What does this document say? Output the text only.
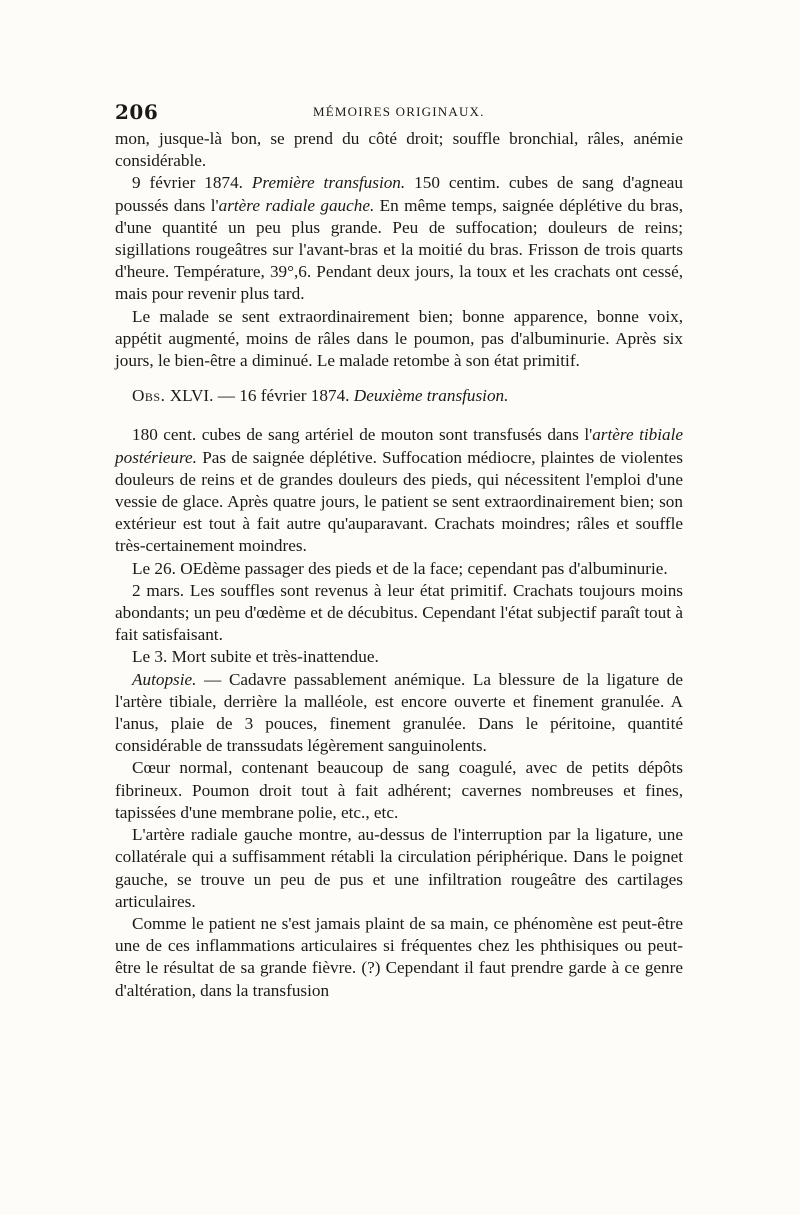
206	MÉMOIRES ORIGINAUX.

mon, jusque-là bon, se prend du côté droit; souffle bronchial, râles, anémie considérable.

9 février 1874. Première transfusion. 150 centim. cubes de sang d'agneau poussés dans l'artère radiale gauche. En même temps, saignée déplétive du bras, d'une quantité un peu plus grande. Peu de suffocation; douleurs de reins; sigillations rougeâtres sur l'avant-bras et la moitié du bras. Frisson de trois quarts d'heure. Température, 39°,6. Pendant deux jours, la toux et les crachats ont cessé, mais pour revenir plus tard.

Le malade se sent extraordinairement bien; bonne apparence, bonne voix, appétit augmenté, moins de râles dans le poumon, pas d'albuminurie. Après six jours, le bien-être a diminué. Le malade retombe à son état primitif.

Obs. XLVI. — 16 février 1874. Deuxième transfusion.

180 cent. cubes de sang artériel de mouton sont transfusés dans l'artère tibiale postérieure. Pas de saignée déplétive. Suffocation médiocre, plaintes de violentes douleurs de reins et de grandes douleurs des pieds, qui nécessitent l'emploi d'une vessie de glace. Après quatre jours, le patient se sent extraordinairement bien; son extérieur est tout à fait autre qu'auparavant. Crachats moindres; râles et souffle très-certainement moindres.

Le 26. OEdème passager des pieds et de la face; cependant pas d'albuminurie.

2 mars. Les souffles sont revenus à leur état primitif. Crachats toujours moins abondants; un peu d'œdème et de décubitus. Cependant l'état subjectif paraît tout à fait satisfaisant.

Le 3. Mort subite et très-inattendue.

Autopsie. — Cadavre passablement anémique. La blessure de la ligature de l'artère tibiale, derrière la malléole, est encore ouverte et finement granulée. A l'anus, plaie de 3 pouces, finement granulée. Dans le péritoine, quantité considérable de transsudats légèrement sanguinolents.

Cœur normal, contenant beaucoup de sang coagulé, avec de petits dépôts fibrineux. Poumon droit tout à fait adhérent; cavernes nombreuses et fines, tapissées d'une membrane polie, etc., etc.

L'artère radiale gauche montre, au-dessus de l'interruption par la ligature, une collatérale qui a suffisamment rétabli la circulation périphérique. Dans le poignet gauche, se trouve un peu de pus et une infiltration rougeâtre des cartilages articulaires.

Comme le patient ne s'est jamais plaint de sa main, ce phénomène est peut-être une de ces inflammations articulaires si fréquentes chez les phthisiques ou peut-être le résultat de sa grande fièvre. (?) Cependant il faut prendre garde à ce genre d'altération, dans la transfusion
